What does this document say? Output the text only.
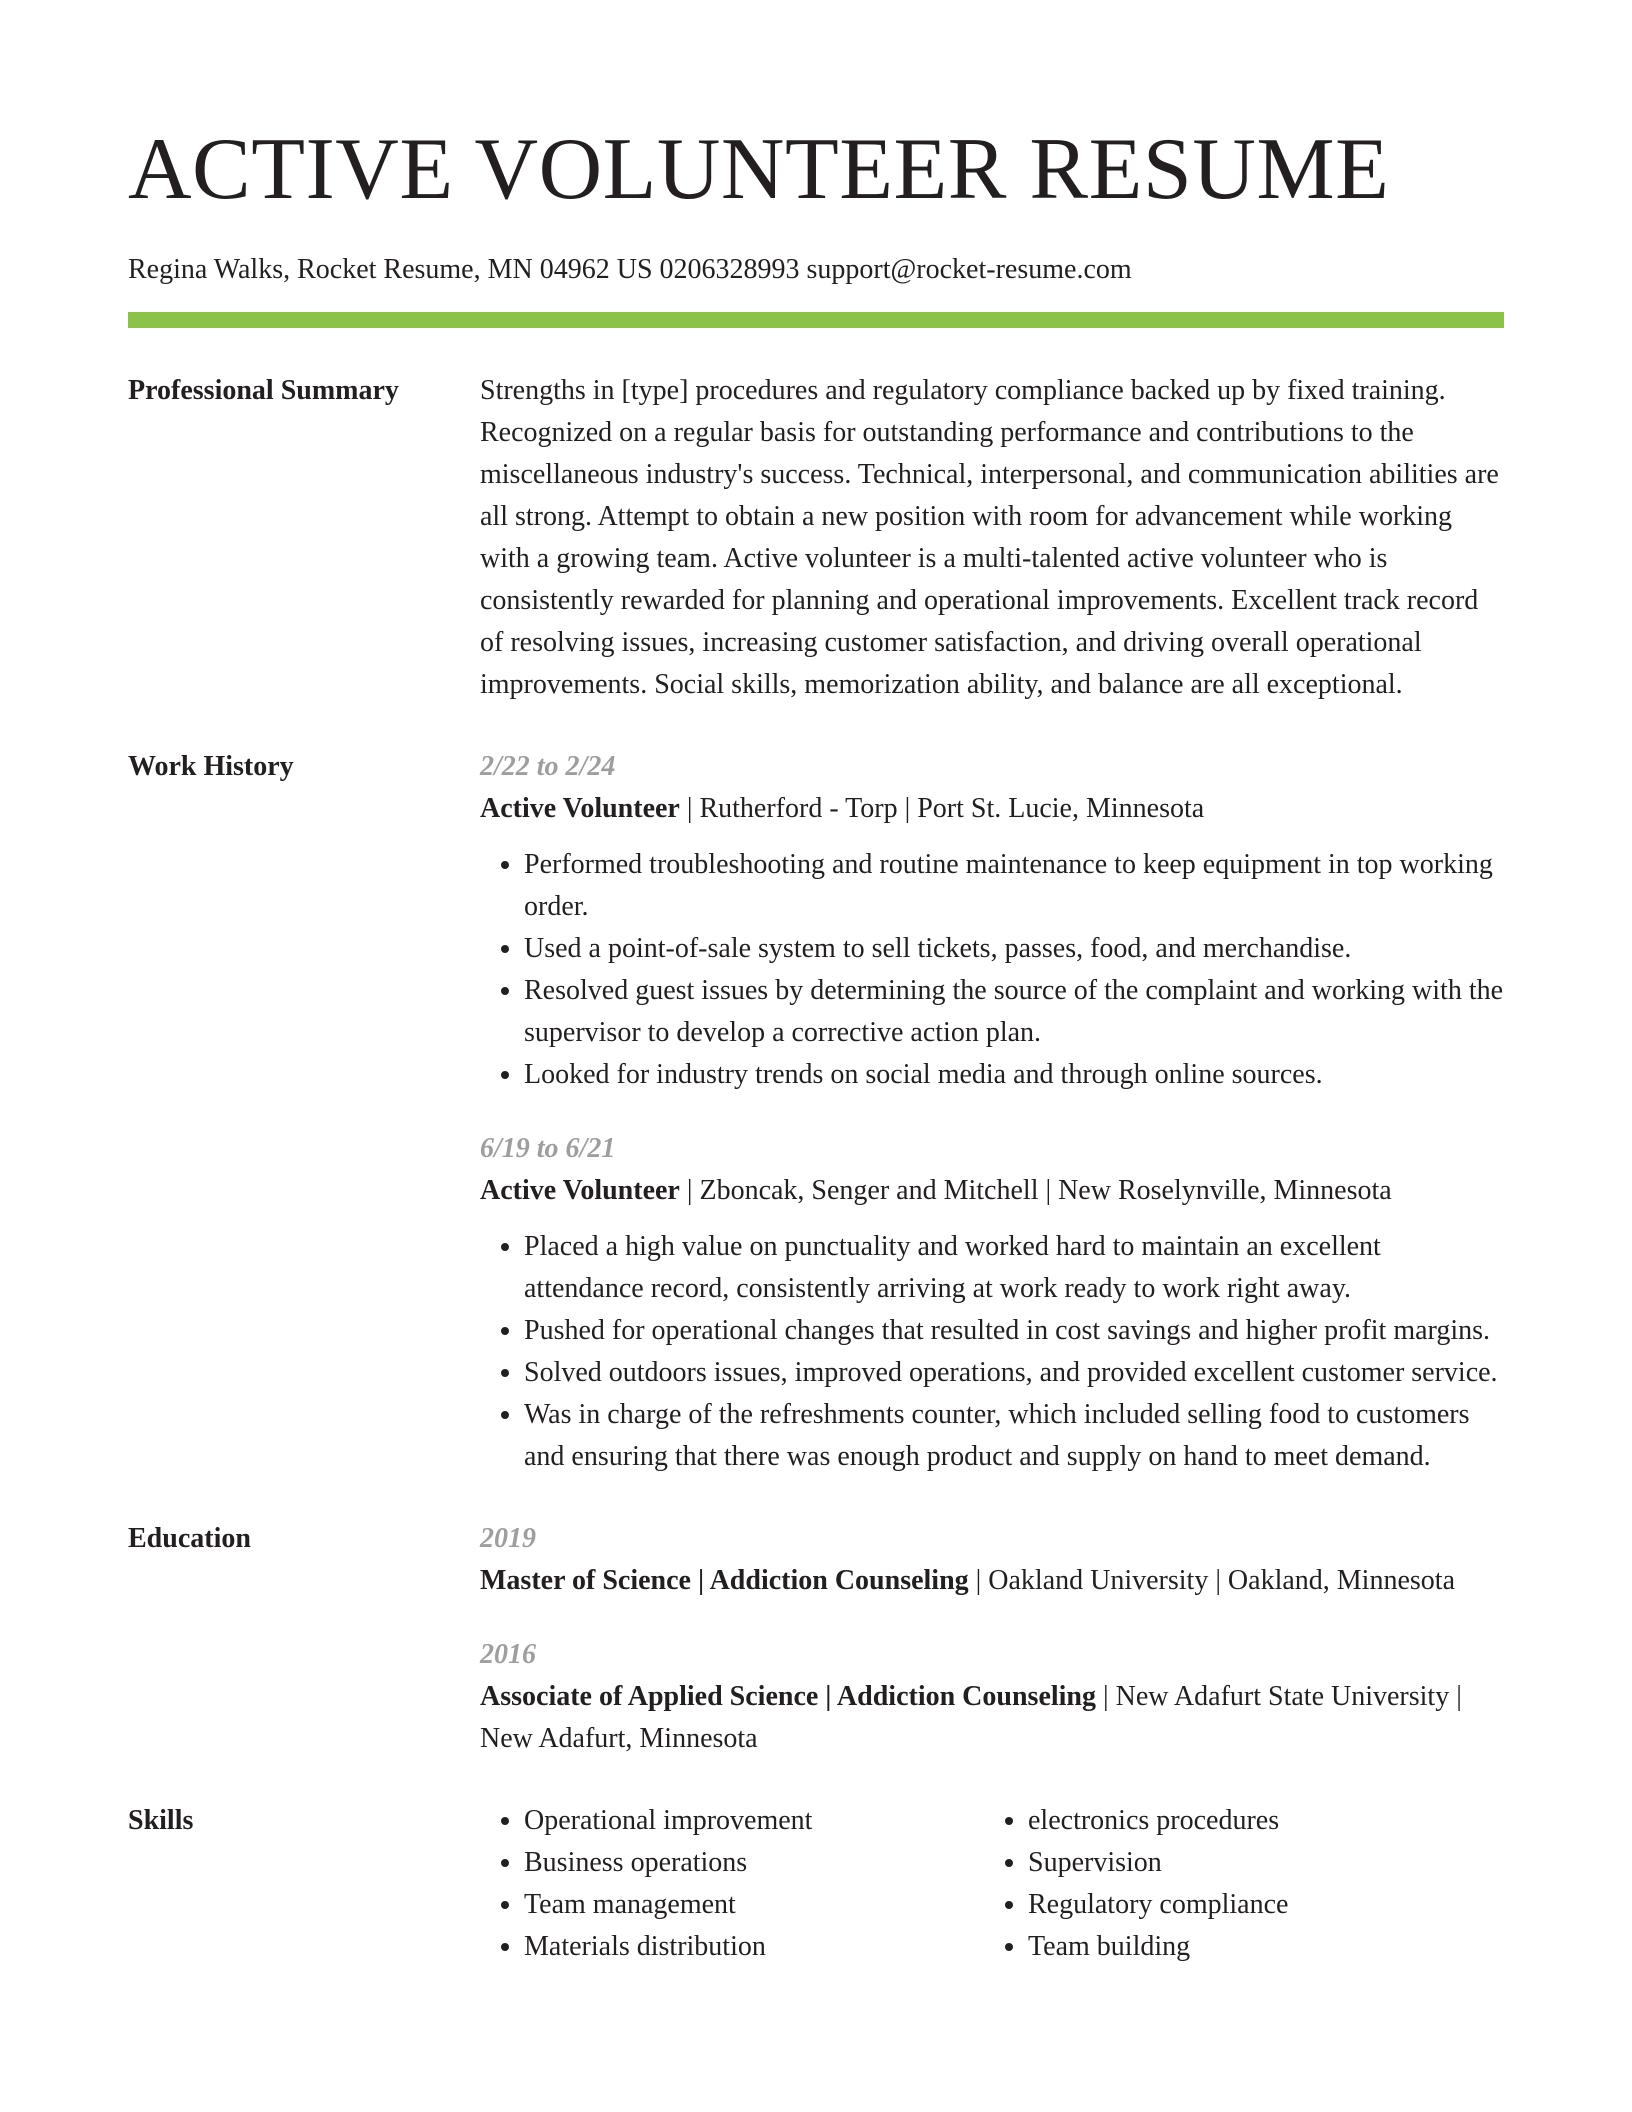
ACTIVE VOLUNTEER RESUME
Regina Walks, Rocket Resume, MN 04962 US 0206328993 support@rocket-resume.com
Professional Summary	Strengths in [type] procedures and regulatory compliance backed up by fixed training. Recognized on a regular basis for outstanding performance and contributions to the miscellaneous industry's success. Technical, interpersonal, and communication abilities are all strong. Attempt to obtain a new position with room for advancement while working with a growing team. Active volunteer is a multi-talented active volunteer who is consistently rewarded for planning and operational improvements. Excellent track record of resolving issues, increasing customer satisfaction, and driving overall operational improvements. Social skills, memorization ability, and balance are all exceptional.

Work History	2/22 to 2/24
Active Volunteer | Rutherford - Torp | Port St. Lucie, Minnesota
• Performed troubleshooting and routine maintenance to keep equipment in top working order.
• Used a point-of-sale system to sell tickets, passes, food, and merchandise.
• Resolved guest issues by determining the source of the complaint and working with the supervisor to develop a corrective action plan.
• Looked for industry trends on social media and through online sources.
6/19 to 6/21
Active Volunteer | Zboncak, Senger and Mitchell | New Roselynville, Minnesota
• Placed a high value on punctuality and worked hard to maintain an excellent attendance record, consistently arriving at work ready to work right away.
• Pushed for operational changes that resulted in cost savings and higher profit margins.
• Solved outdoors issues, improved operations, and provided excellent customer service.
• Was in charge of the refreshments counter, which included selling food to customers and ensuring that there was enough product and supply on hand to meet demand.
Education	2019
Master of Science | Addiction Counseling | Oakland University | Oakland, Minnesota
2016
Associate of Applied Science | Addiction Counseling | New Adafurt State University | New Adafurt, Minnesota
Skills
•	Operational improvement
• Business operations
• Team management
• Materials distribution
• electronics procedures
• Supervision
• Regulatory compliance
• Team building
